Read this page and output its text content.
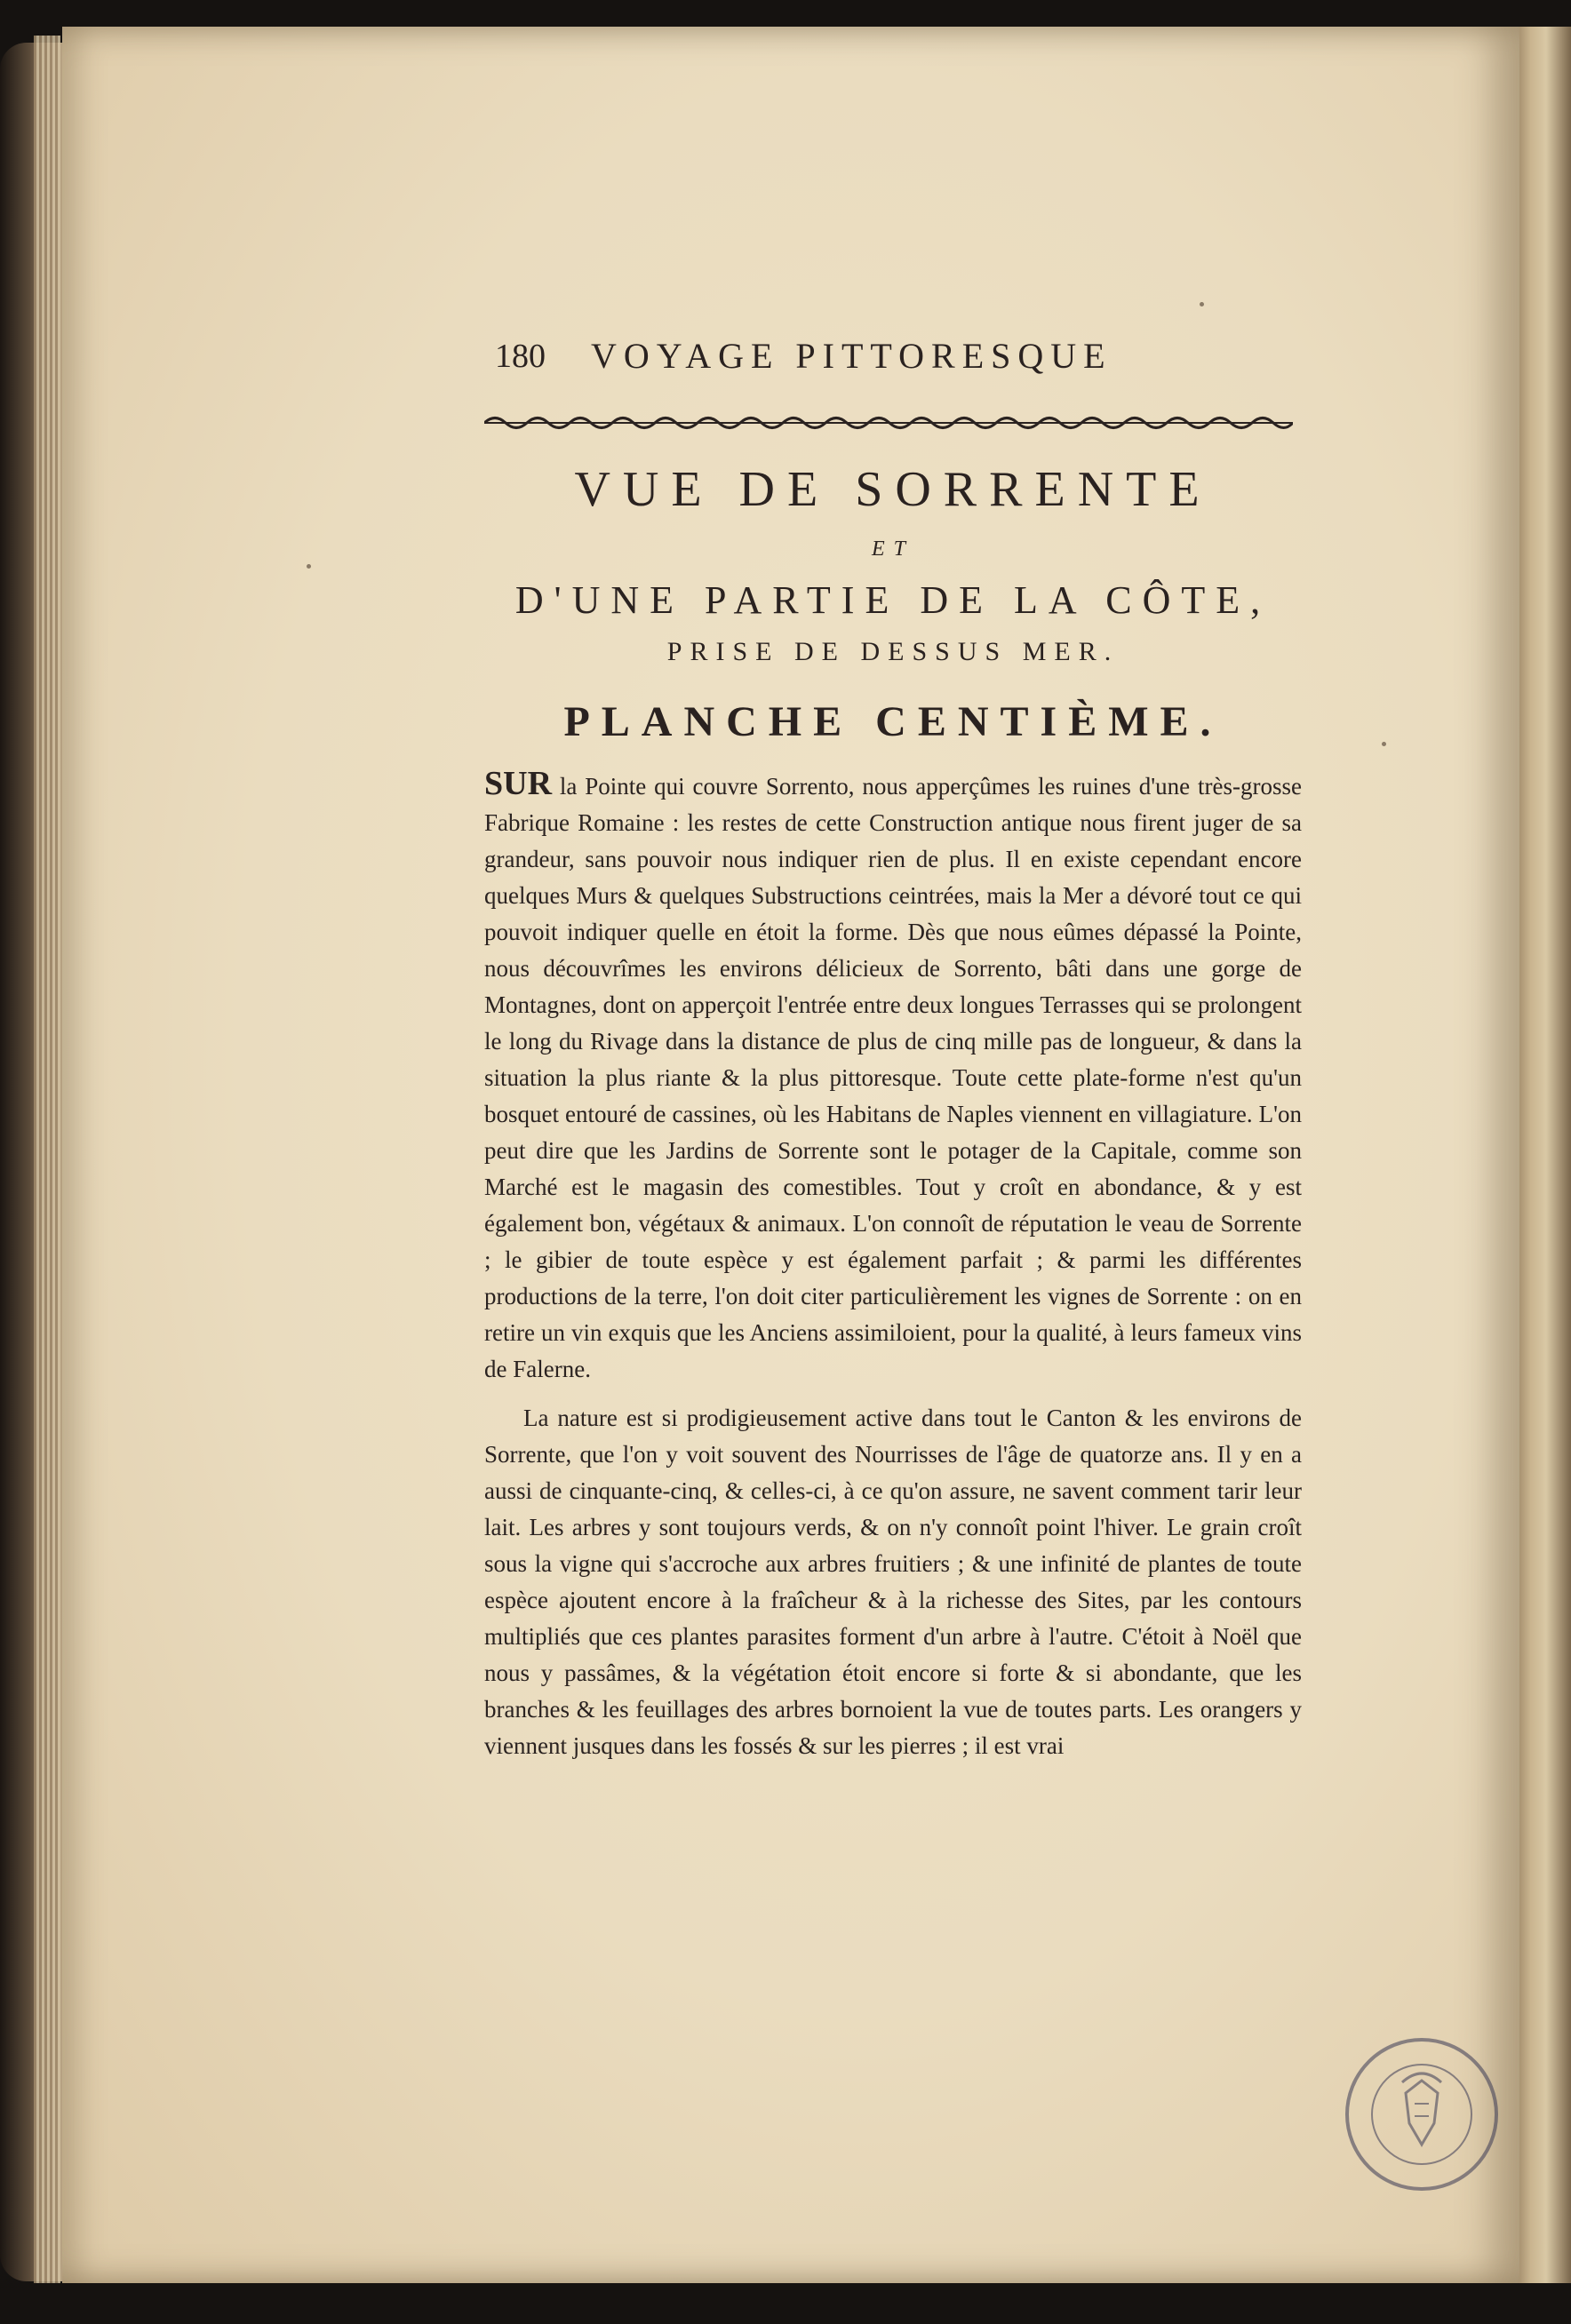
180 VOYAGE PITTORESQUE
VUE DE SORRENTE
ET
D'UNE PARTIE DE LA CÔTE,
PRISE DE DESSUS MER.
PLANCHE CENTIÈME.

SUR la Pointe qui couvre Sorrento, nous apperçûmes les ruines d'une très-grosse Fabrique Romaine : les restes de cette Construction antique nous firent juger de sa grandeur, sans pouvoir nous indiquer rien de plus. Il en existe cependant encore quelques Murs & quelques Substructions ceintrées, mais la Mer a dévoré tout ce qui pouvoit indiquer quelle en étoit la forme. Dès que nous eûmes dépassé la Pointe, nous découvrîmes les environs délicieux de Sorrento, bâti dans une gorge de Montagnes, dont on apperçoit l'entrée entre deux longues Terrasses qui se prolongent le long du Rivage dans la distance de plus de cinq mille pas de longueur, & dans la situation la plus riante & la plus pittoresque. Toute cette plate-forme n'est qu'un bosquet entouré de cassines, où les Habitans de Naples viennent en villagiature. L'on peut dire que les Jardins de Sorrente sont le potager de la Capitale, comme son Marché est le magasin des comestibles. Tout y croît en abondance, & y est également bon, végétaux & animaux. L'on connoît de réputation le veau de Sorrente ; le gibier de toute espèce y est également parfait ; & parmi les différentes productions de la terre, l'on doit citer particulièrement les vignes de Sorrente : on en retire un vin exquis que les Anciens assimiloient, pour la qualité, à leurs fameux vins de Falerne.

La nature est si prodigieusement active dans tout le Canton & les environs de Sorrente, que l'on y voit souvent des Nourrisses de l'âge de quatorze ans. Il y en a aussi de cinquante-cinq, & celles-ci, à ce qu'on assure, ne savent comment tarir leur lait. Les arbres y sont toujours verds, & on n'y connoît point l'hiver. Le grain croît sous la vigne qui s'accroche aux arbres fruitiers ; & une infinité de plantes de toute espèce ajoutent encore à la fraîcheur & à la richesse des Sites, par les contours multipliés que ces plantes parasites forment d'un arbre à l'autre. C'étoit à Noël que nous y passâmes, & la végétation étoit encore si forte & si abondante, que les branches & les feuillages des arbres bornoient la vue de toutes parts. Les orangers y viennent jusques dans les fossés & sur les pierres ; il est vrai
